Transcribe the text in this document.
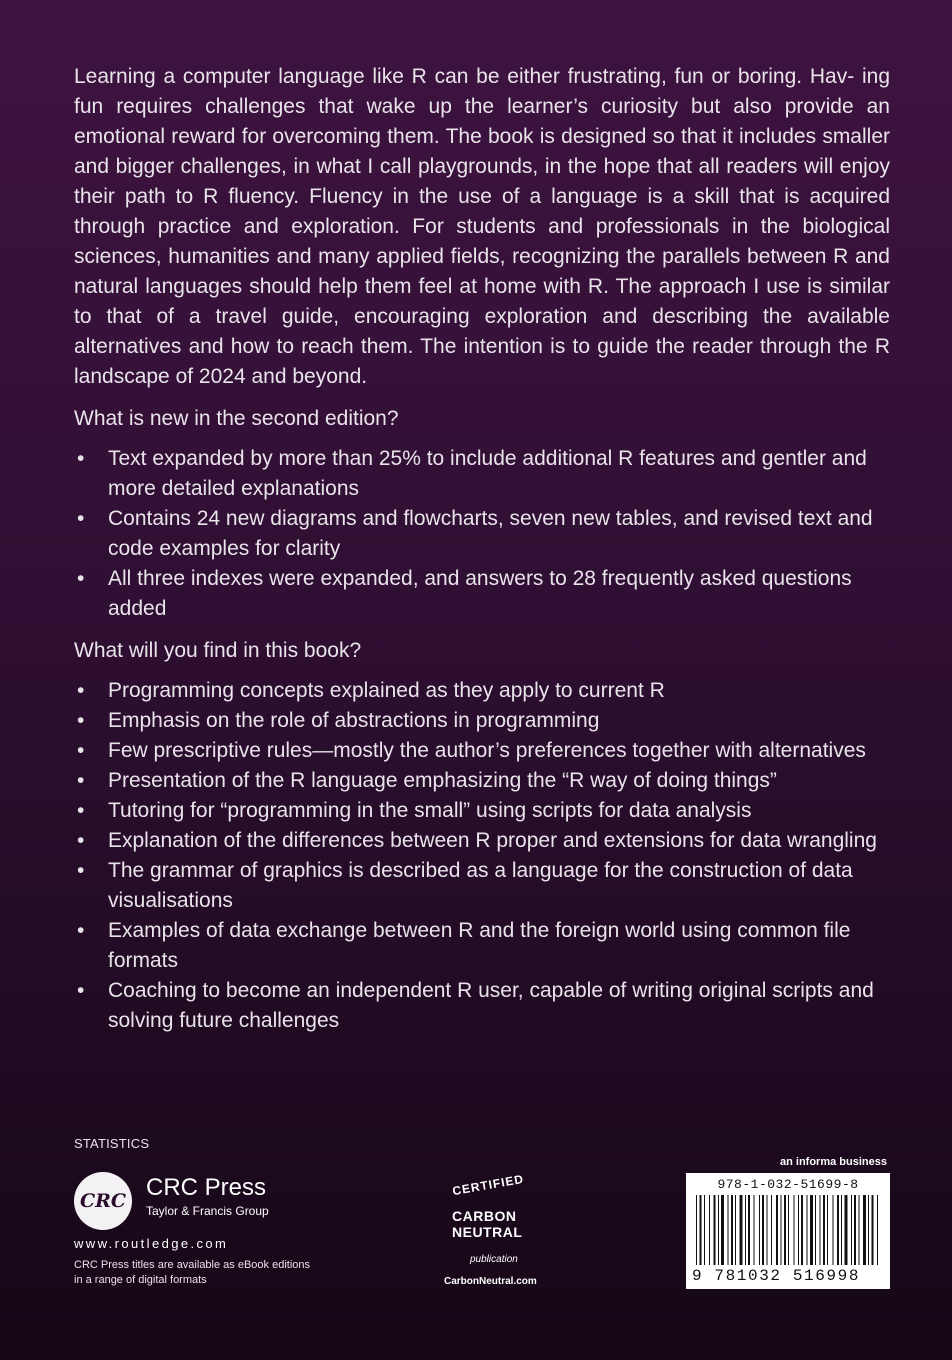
Learning a computer language like R can be either frustrating, fun or boring. Hav- ing fun requires challenges that wake up the learner’s curiosity but also provide an emotional reward for overcoming them. The book is designed so that it includes smaller and bigger challenges, in what I call playgrounds, in the hope that all readers will enjoy their path to R fluency. Fluency in the use of a language is a skill that is acquired through practice and exploration. For students and professionals in the biological sciences, humanities and many applied fields, recognizing the parallels between R and natural languages should help them feel at home with R. The approach I use is similar to that of a travel guide, encouraging exploration and describing the available alternatives and how to reach them. The intention is to guide the reader through the R landscape of 2024 and beyond.

What is new in the second edition?
• Text expanded by more than 25% to include additional R features and gentler and more detailed explanations
• Contains 24 new diagrams and flowcharts, seven new tables, and revised text and code examples for clarity
• All three indexes were expanded, and answers to 28 frequently asked questions added
What will you find in this book?
• Programming concepts explained as they apply to current R
• Emphasis on the role of abstractions in programming
• Few prescriptive rules—mostly the author’s preferences together with alternatives
• Presentation of the R language emphasizing the “R way of doing things”
• Tutoring for “programming in the small” using scripts for data analysis
• Explanation of the differences between R proper and extensions for data wrangling
• The grammar of graphics is described as a language for the construction of data visualisations
• Examples of data exchange between R and the foreign world using common file formats
• Coaching to become an independent R user, capable of writing original scripts and solving future challenges
STATISTICS
CRC CRC Press
Taylor & Francis Group
www.routledge.com
CRC Press titles are available as eBook editions
in a range of digital formats
CERTIFIED
CARBON
NEUTRAL
publication
CarbonNeutral.com
an informa business
978-1-032-51699-8
9 781032 516998
